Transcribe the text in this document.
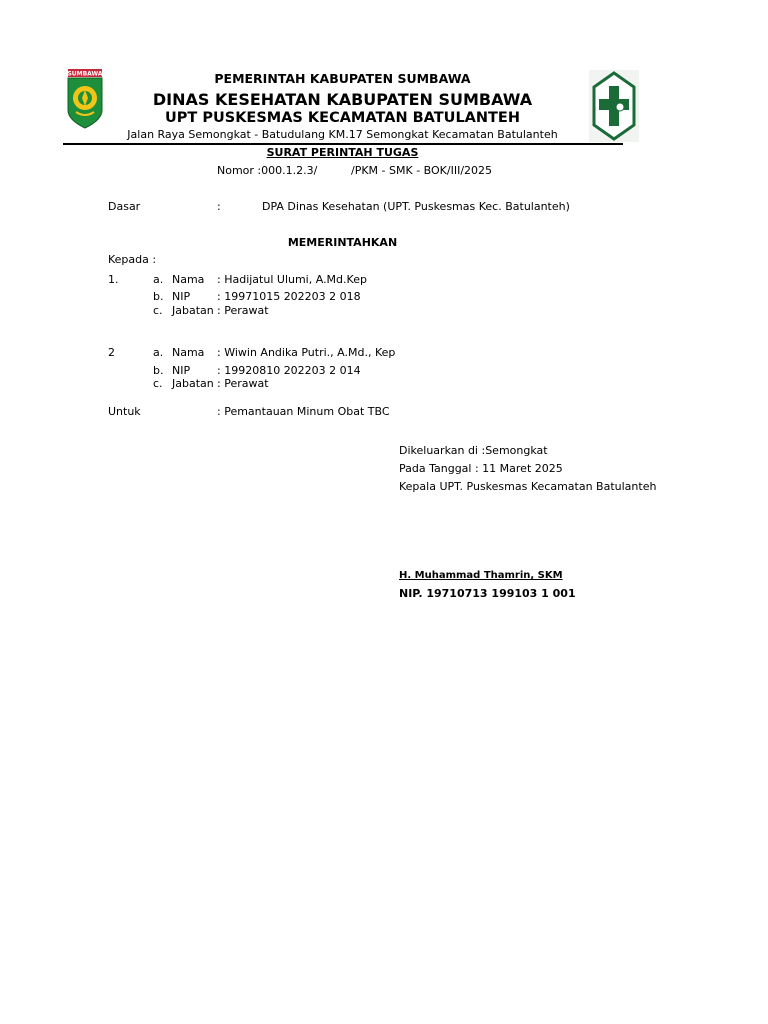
SUMBAWA	PEMERINTAH KABUPATEN SUMBAWA
DINAS KESEHATAN KABUPATEN SUMBAWA
UPT PUSKESMAS KECAMATAN BATULANTEH
Jalan Raya Semongkat - Batudulang KM.17 Semongkat Kecamatan Batulanteh
SURAT PERINTAH TUGAS
Nomor :000.1.2.3/	/PKM - SMK - BOK/III/2025
Dasar	:	DPA Dinas Kesehatan (UPT. Puskesmas Kec. Batulanteh)
MEMERINTAHKAN
Kepada :
1.	a. Nama : Hadijatul Ulumi, A.Md.Kep
b. NIP : 19971015 202203 2 018
c. Jabatan : Perawat
2	a. Nama : Wiwin Andika Putri., A.Md., Kep
b. NIP : 19920810 202203 2 014
c. Jabatan : Perawat
Untuk	: Pemantauan Minum Obat TBC
Dikeluarkan di :Semongkat
Pada Tanggal : 11 Maret 2025
Kepala UPT. Puskesmas Kecamatan Batulanteh
H. Muhammad Thamrin, SKM
NIP. 19710713 199103 1 001
